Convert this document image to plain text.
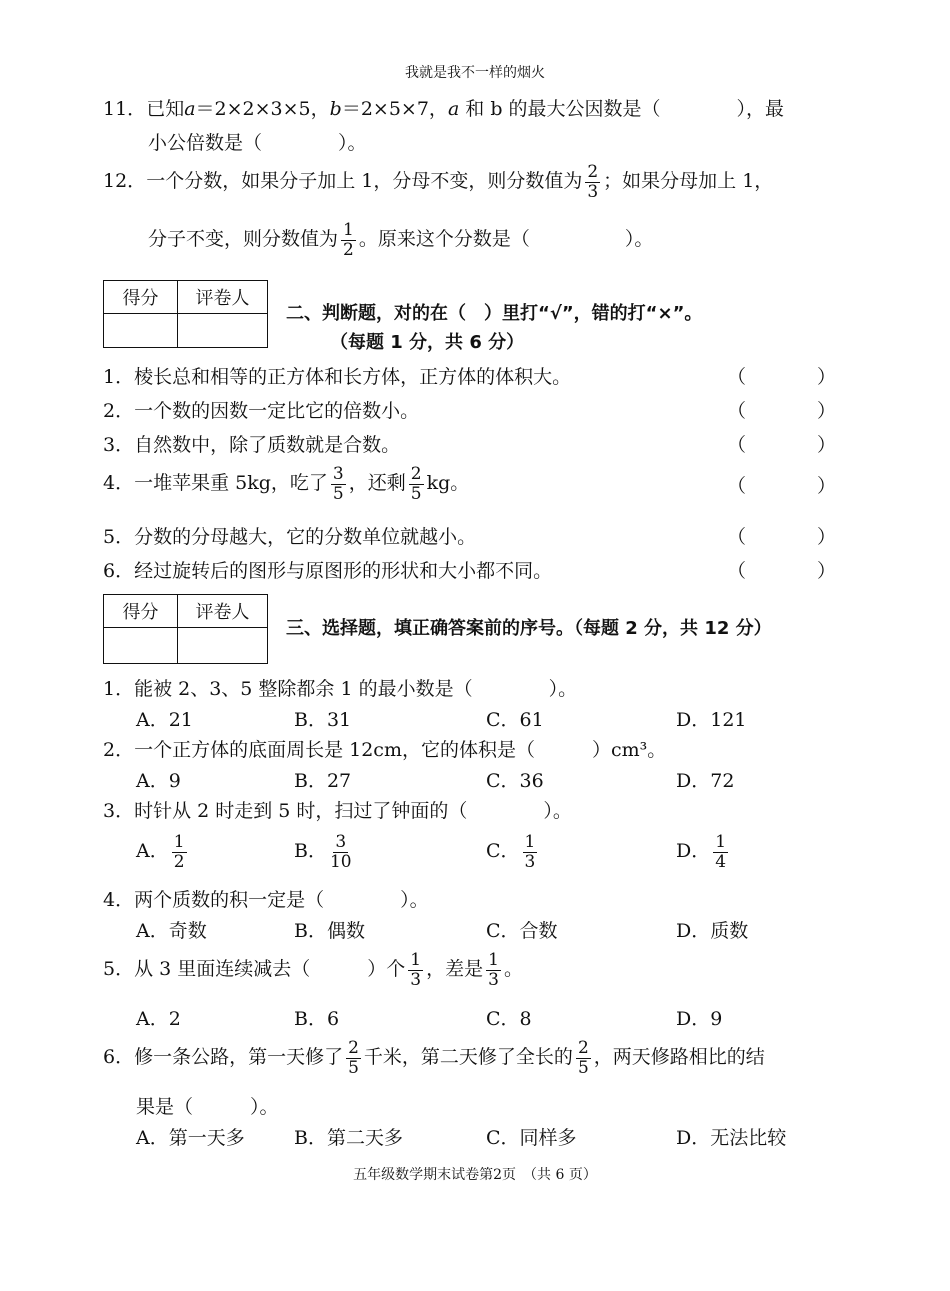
我就是我不一样的烟火
11．已知a＝2×2×3×5，b＝2×5×7，a 和 b 的最大公因数是（　　　　），最
小公倍数是（　　　　）。
12．一个分数，如果分子加上 1，分母不变，则分数值为 $\frac{2}{3}$ ；如果分母加上 1，
分子不变，则分数值为 $\frac{1}{2}$ 。原来这个分数是（　　　　　）。
得分	评卷人

二、判断题，对的在（　）里打“√”，错的打“×”。
（每题 1 分，共 6 分）
1．棱长总和相等的正方体和长方体，正方体的体积大。	（	）
2．一个数的因数一定比它的倍数小。	（	）
3．自然数中，除了质数就是合数。	（	）
4．一堆苹果重 5kg，吃了 $\frac{3}{5}$ ，还剩 $\frac{2}{5}$ kg。	（	）
5．分数的分母越大，它的分数单位就越小。	（	）
6．经过旋转后的图形与原图形的形状和大小都不同。	（	）
得分	评卷人

三、选择题，填正确答案前的序号。（每题 2 分，共 12 分）
1．能被 2、3、5 整除都余 1 的最小数是（　　　　）。
A．21	B．31	C．61	D．121
2．一个正方体的底面周长是 12cm，它的体积是（　　　）cm³。
A．9	B．27	C．36	D．72
3．时针从 2 时走到 5 时，扫过了钟面的（　　　　）。
A． $\frac{1}{2}$	B． $\frac{3}{10}$	C． $\frac{1}{3}$	D． $\frac{1}{4}$
4．两个质数的积一定是（　　　　）。
A．奇数	B．偶数	C．合数	D．质数
5．从 3 里面连续减去（　　　）个 $\frac{1}{3}$ ，差是 $\frac{1}{3}$ 。
A．2	B．6	C．8	D．9
6．修一条公路，第一天修了 $\frac{2}{5}$ 千米，第二天修了全长的 $\frac{2}{5}$ ，两天修路相比的结
果是（　　　）。
A．第一天多	B．第二天多	C．同样多	D．无法比较
五年级数学期末试卷第2页　（共 6 页）
